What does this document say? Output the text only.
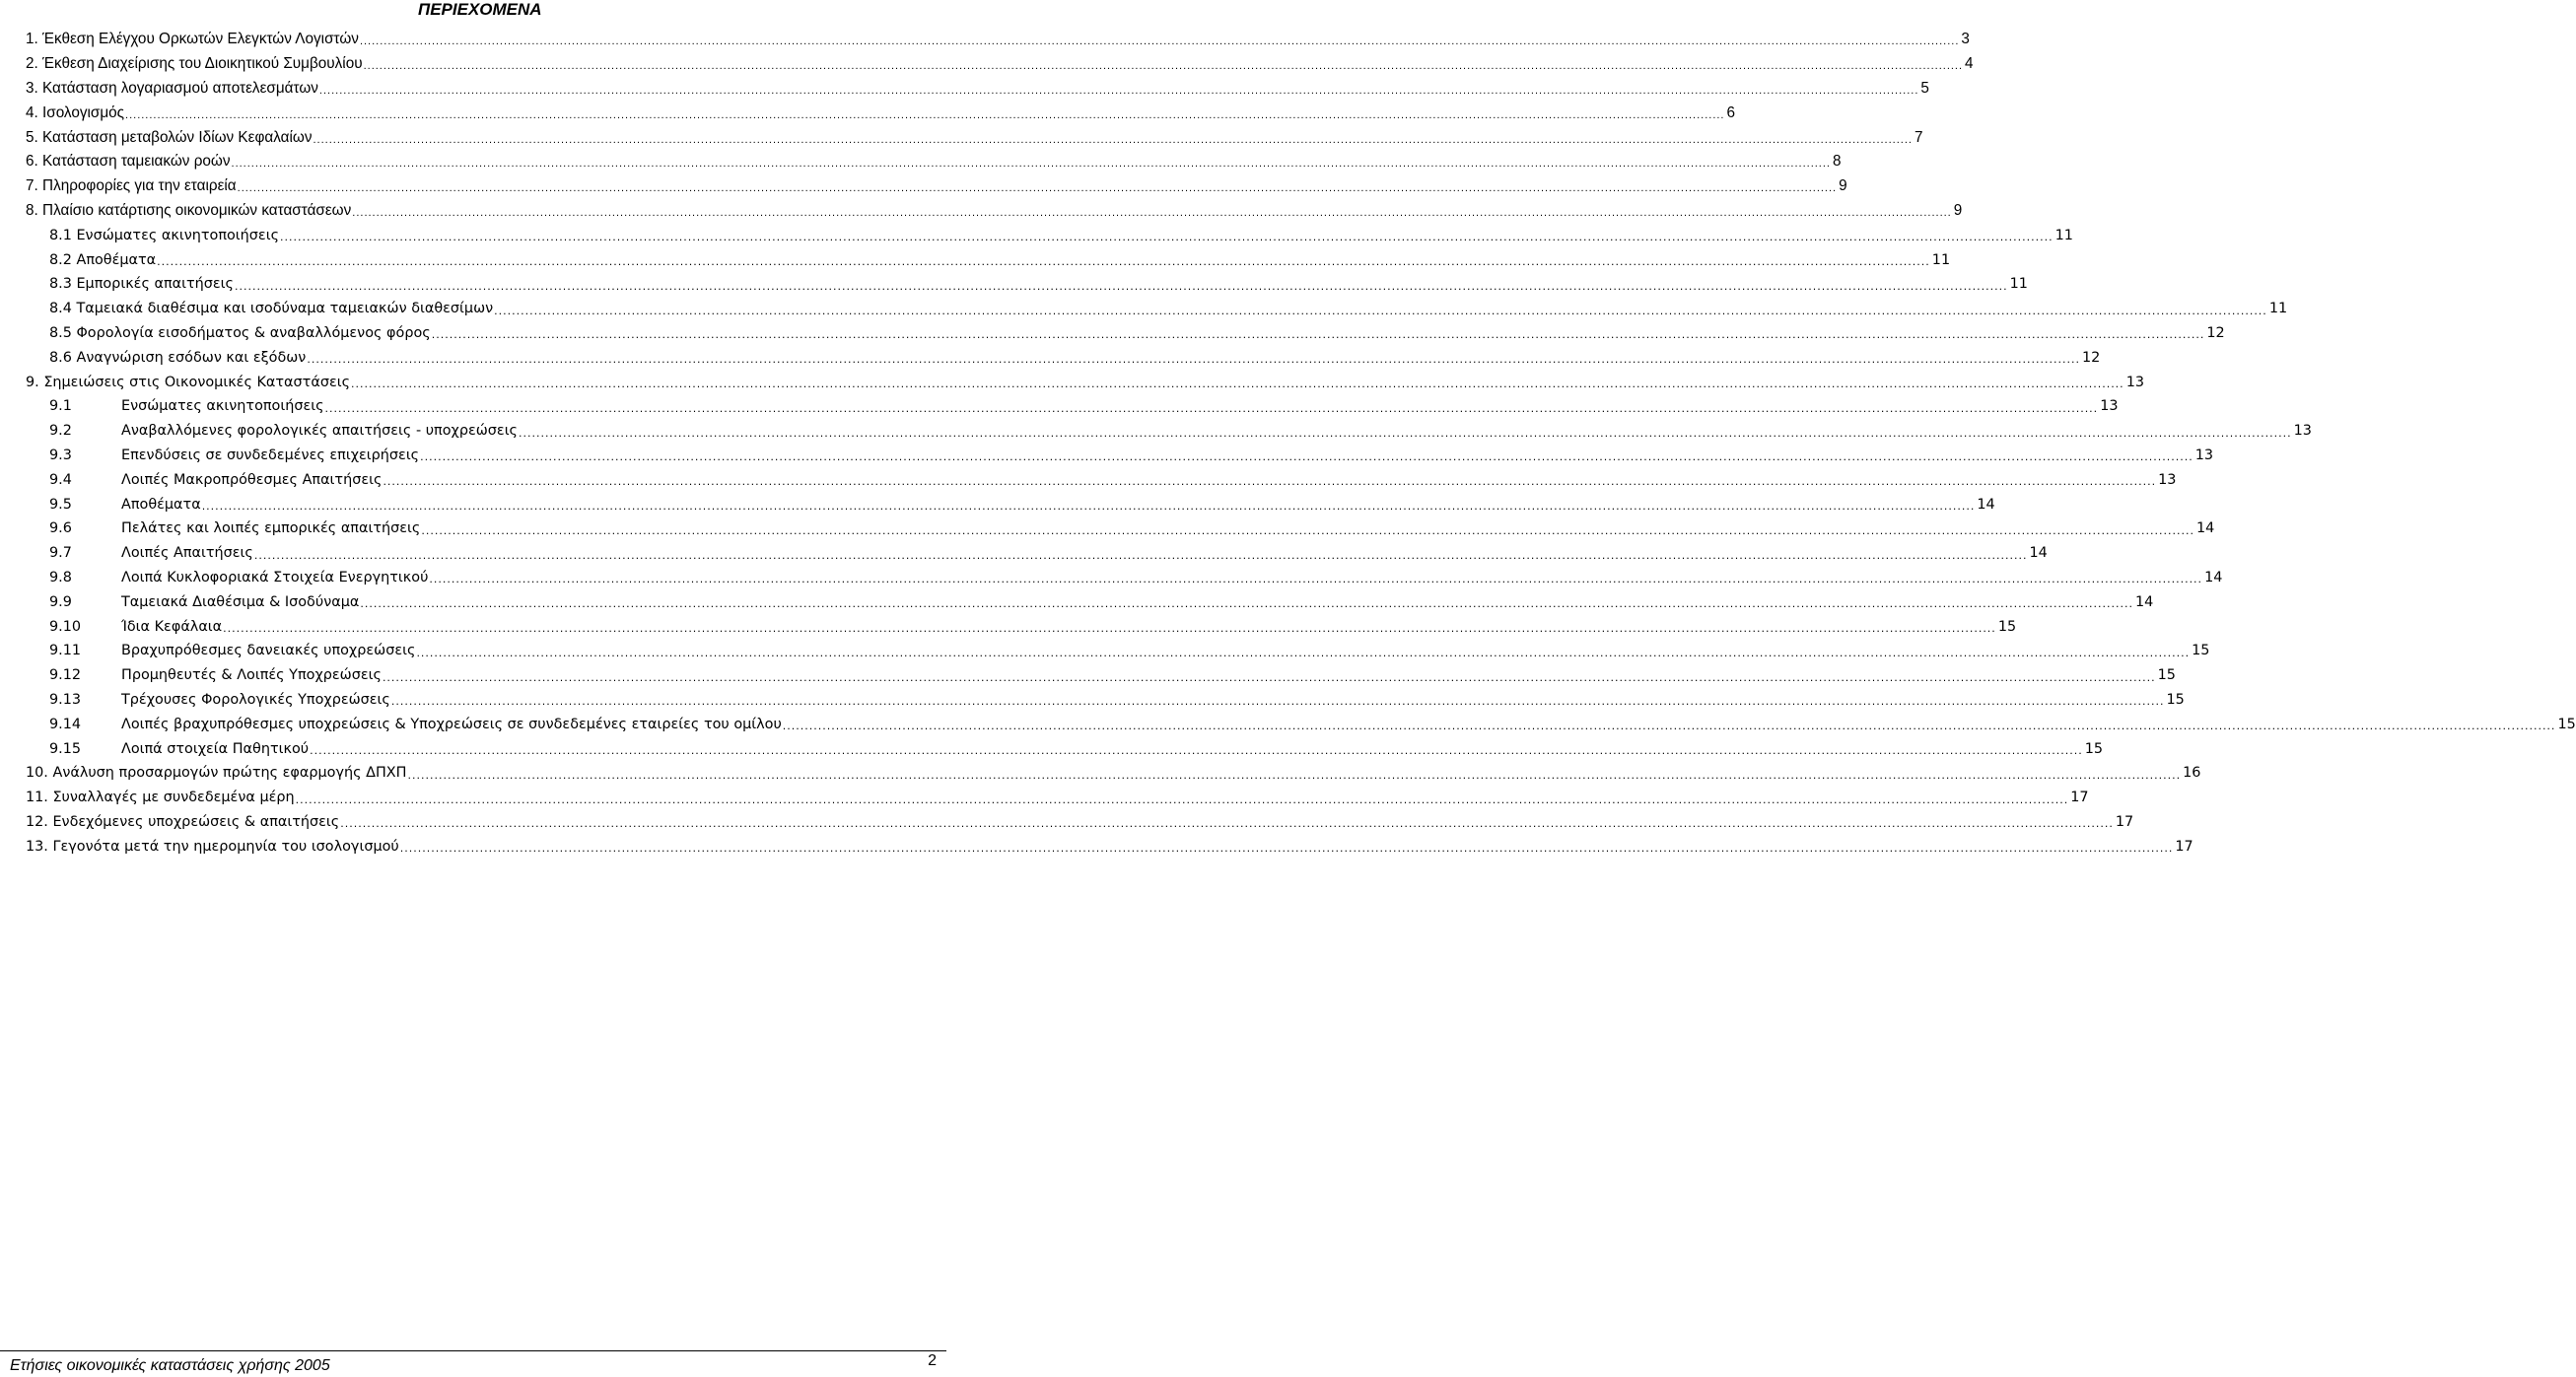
ΠΕΡΙΕΧΟΜΕΝΑ
1. Έκθεση Ελέγχου Ορκωτών Ελεγκτών Λογιστών ................................................................................................................................................................................................................................................................................................................................................................................................................ 3
2. Έκθεση Διαχείρισης του Διοικητικού Συμβουλίου ................................................................................................................................................................................................................................................................................................................................................................................................................ 4
3. Κατάσταση λογαριασμού αποτελεσμάτων ................................................................................................................................................................................................................................................................................................................................................................................................................ 5
4. Ισολογισμός ................................................................................................................................................................................................................................................................................................................................................................................................................ 6
5. Κατάσταση μεταβολών Ιδίων Κεφαλαίων ................................................................................................................................................................................................................................................................................................................................................................................................................ 7
6. Κατάσταση ταμειακών ροών ................................................................................................................................................................................................................................................................................................................................................................................................................ 8
7. Πληροφορίες για την εταιρεία ................................................................................................................................................................................................................................................................................................................................................................................................................ 9
8. Πλαίσιο κατάρτισης οικονομικών καταστάσεων ................................................................................................................................................................................................................................................................................................................................................................................................................ 9
8.1 Ενσώματες ακινητοποιήσεις ................................................................................................................................................................................................................................................................................................................................................................................................................ 11
8.2 Αποθέματα ................................................................................................................................................................................................................................................................................................................................................................................................................ 11
8.3 Εμπορικές απαιτήσεις ................................................................................................................................................................................................................................................................................................................................................................................................................ 11
8.4 Ταμειακά διαθέσιμα και ισοδύναμα ταμειακών διαθεσίμων ................................................................................................................................................................................................................................................................................................................................................................................................................ 11
8.5 Φορολογία εισοδήματος & αναβαλλόμενος φόρος ................................................................................................................................................................................................................................................................................................................................................................................................................ 12
8.6 Αναγνώριση εσόδων και εξόδων ................................................................................................................................................................................................................................................................................................................................................................................................................ 12
9. Σημειώσεις στις Οικονομικές Καταστάσεις ................................................................................................................................................................................................................................................................................................................................................................................................................ 13
9.1	Ενσώματες ακινητοποιήσεις ................................................................................................................................................................................................................................................................................................................................................................................................................ 13
9.2	Αναβαλλόμενες φορολογικές απαιτήσεις - υποχρεώσεις ................................................................................................................................................................................................................................................................................................................................................................................................................ 13
9.3	Επενδύσεις σε συνδεδεμένες επιχειρήσεις ................................................................................................................................................................................................................................................................................................................................................................................................................ 13
9.4	Λοιπές Μακροπρόθεσμες Απαιτήσεις ................................................................................................................................................................................................................................................................................................................................................................................................................ 13
9.5	Αποθέματα ................................................................................................................................................................................................................................................................................................................................................................................................................ 14
9.6	Πελάτες και λοιπές εμπορικές απαιτήσεις ................................................................................................................................................................................................................................................................................................................................................................................................................ 14
9.7	Λοιπές Απαιτήσεις ................................................................................................................................................................................................................................................................................................................................................................................................................ 14
9.8	Λοιπά Κυκλοφοριακά Στοιχεία Ενεργητικού ................................................................................................................................................................................................................................................................................................................................................................................................................ 14
9.9	Ταμειακά Διαθέσιμα & Ισοδύναμα ................................................................................................................................................................................................................................................................................................................................................................................................................ 14
9.10	Ίδια Κεφάλαια ................................................................................................................................................................................................................................................................................................................................................................................................................ 15
9.11	Βραχυπρόθεσμες δανειακές υποχρεώσεις ................................................................................................................................................................................................................................................................................................................................................................................................................ 15
9.12	Προμηθευτές & Λοιπές Υποχρεώσεις ................................................................................................................................................................................................................................................................................................................................................................................................................ 15
9.13	Τρέχουσες Φορολογικές Υποχρεώσεις ................................................................................................................................................................................................................................................................................................................................................................................................................ 15
9.14	Λοιπές βραχυπρόθεσμες υποχρεώσεις & Υποχρεώσεις σε συνδεδεμένες εταιρείες του ομίλου ................................................................................................................................................................................................................................................................................................................................................................................................................ 15
9.15	Λοιπά στοιχεία Παθητικού ................................................................................................................................................................................................................................................................................................................................................................................................................ 15
10. Ανάλυση προσαρμογών πρώτης εφαρμογής ΔΠΧΠ ................................................................................................................................................................................................................................................................................................................................................................................................................ 16
11. Συναλλαγές με συνδεδεμένα μέρη ................................................................................................................................................................................................................................................................................................................................................................................................................ 17
12. Ενδεχόμενες υποχρεώσεις & απαιτήσεις ................................................................................................................................................................................................................................................................................................................................................................................................................ 17
13. Γεγονότα μετά την ημερομηνία του ισολογισμού ................................................................................................................................................................................................................................................................................................................................................................................................................ 17
Ετήσιες οικονομικές καταστάσεις χρήσης 2005	2
